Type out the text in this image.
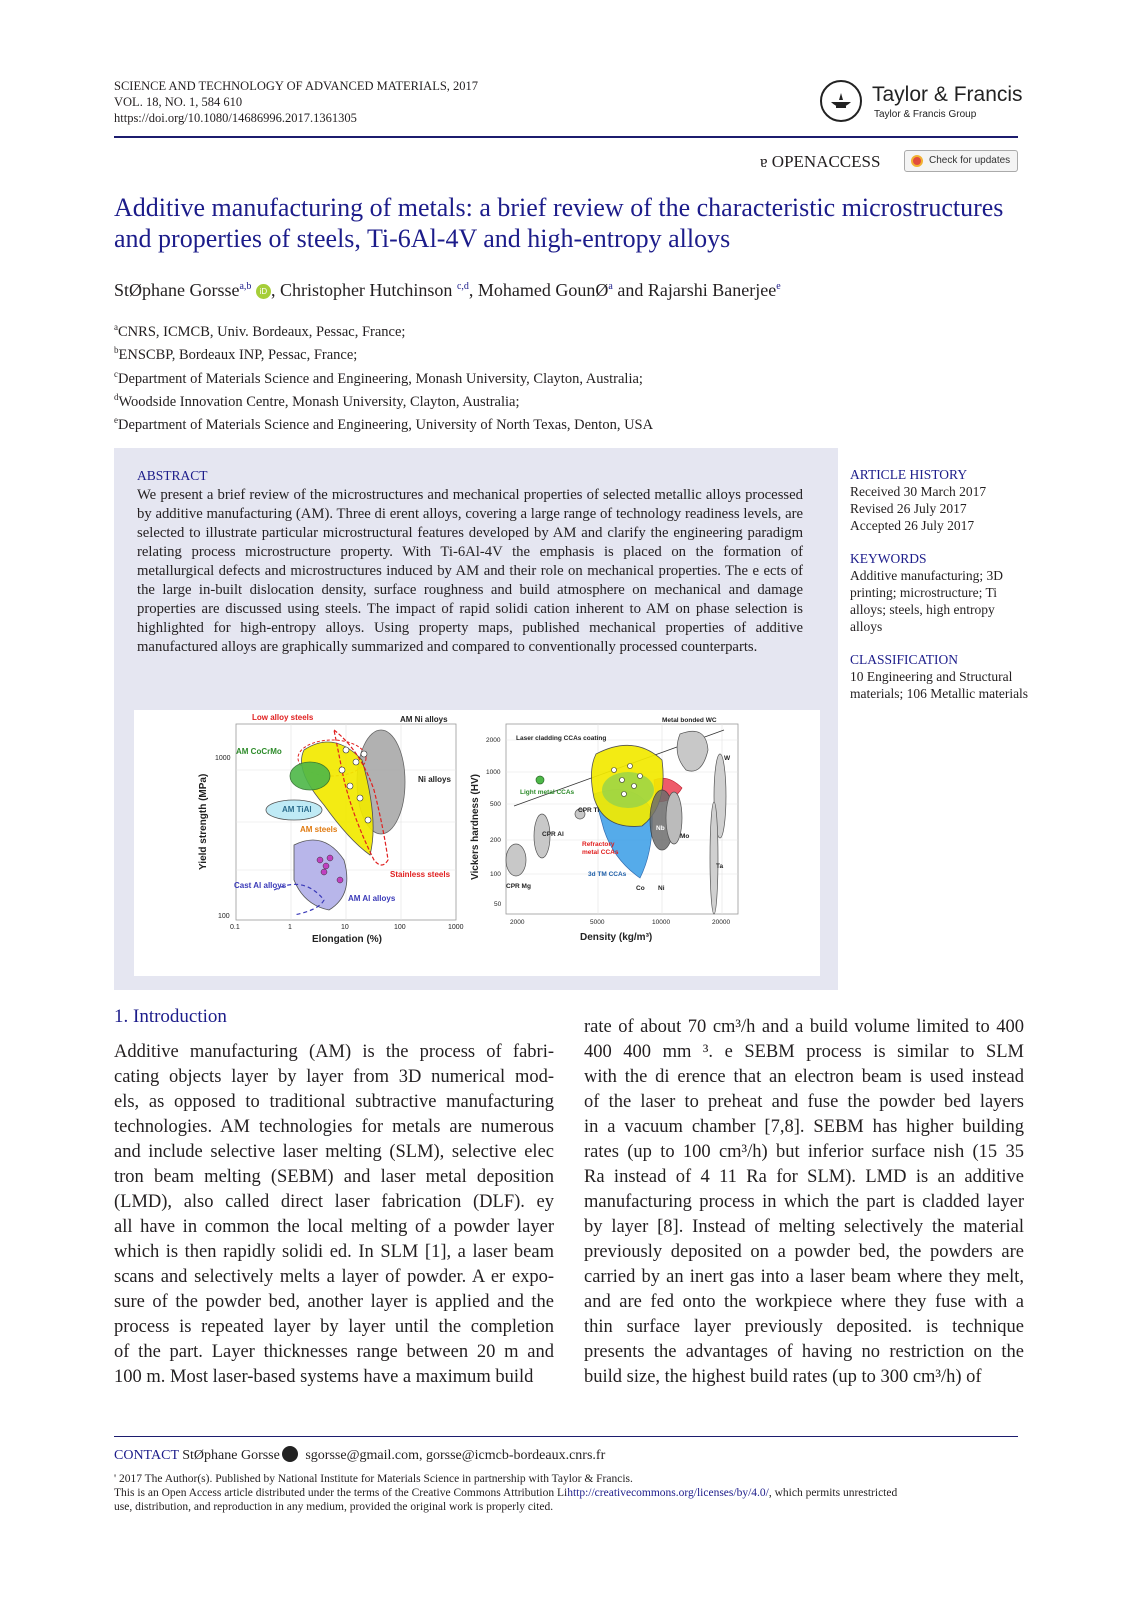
SCIENCE AND TECHNOLOGY OF ADVANCED MATERIALS, 2017
VOL. 18, NO. 1, 584 610
https://doi.org/10.1080/14686996.2017.1361305
Taylor & Francis
Taylor & Francis Group
ɐ OPENACCESS	Check for updates
Additive manufacturing of metals: a brief review of the characteristic microstructures and properties of steels, Ti-6Al-4V and high-entropy alloys
StØphane Gorsse$^{a,b}$ iD , Christopher Hutchinson $^{c,d}$, Mohamed GounØ$^a$ and Rajarshi Banerjee$^e$
$^a$CNRS, ICMCB, Univ. Bordeaux, Pessac, France;
$^b$ENSCBP, Bordeaux INP, Pessac, France;
$^c$Department of Materials Science and Engineering, Monash University, Clayton, Australia;
$^d$Woodside Innovation Centre, Monash University, Clayton, Australia;
$^e$Department of Materials Science and Engineering, University of North Texas, Denton, USA
ABSTRACT
We present a brief review of the microstructures and mechanical properties of selected metallic alloys processed by additive manufacturing (AM). Three di erent alloys, covering a large range of technology readiness levels, are selected to illustrate particular microstructural features developed by AM and clarify the engineering paradigm relating process microstructure property. With Ti-6Al-4V the emphasis is placed on the formation of metallurgical defects and microstructures induced by AM and their role on mechanical properties. The e ects of the large in-built dislocation density, surface roughness and build atmosphere on mechanical and damage properties are discussed using steels. The impact of rapid solidi cation inherent to AM on phase selection is highlighted for high-entropy alloys. Using property maps, published mechanical properties of additive manufactured alloys are graphically summarized and compared to conventionally processed counterparts.
ARTICLE HISTORY
Received 30 March 2017
Revised 26 July 2017
Accepted 26 July 2017
KEYWORDS
Additive manufacturing; 3D printing; microstructure; Ti alloys; steels, high entropy alloys
CLASSIFICATION
10 Engineering and Structural materials; 106 Metallic materials
Low alloy steels	AM Ni alloys
AM CoCrMo
Ni alloys
AM TiAl
AM steels
Stainless steels
Cast Al alloys
AM Al alloys
1000
100
0.1	1	10	100	1000
Elongation (%)
Yield strength (MPa)
Metal bonded WC
Laser cladding CCAs coating
Light metal CCAs
W
CPR Ti
CPR Al
Nb
Mo
Refractory
metal CCAs
3d TM CCAs
Ta
CPR Mg	Co Ni
2000
1000
500
200
100
50
2000	5000	10000	20000
Density (kg/m³)
Vickers hardness (HV)
1. Introduction
Additive manufacturing (AM) is the process of fabri-
cating objects layer by layer from 3D numerical mod-
els, as opposed to traditional subtractive manufacturing
technologies. AM technologies for metals are numerous
and include selective laser melting (SLM), selective elec
tron beam melting (SEBM) and laser metal deposition
(LMD), also called direct laser fabrication (DLF). ey
all have in common the local melting of a powder layer
which is then rapidly solidi ed. In SLM [1], a laser beam
scans and selectively melts a layer of powder. A er expo-
sure of the powder bed, another layer is applied and the
process is repeated layer by layer until the completion
of the part. Layer thicknesses range between 20 m and
100 m. Most laser-based systems have a maximum build
rate of about 70 cm³/h and a build volume limited to 400
400 400 mm ³. e SEBM process is similar to SLM
with the di erence that an electron beam is used instead
of the laser to preheat and fuse the powder bed layers
in a vacuum chamber [7,8]. SEBM has higher building
rates (up to 100 cm³/h) but inferior surface nish (15 35
Ra instead of 4 11 Ra for SLM). LMD is an additive
manufacturing process in which the part is cladded layer
by layer [8]. Instead of melting selectively the material
previously deposited on a powder bed, the powders are
carried by an inert gas into a laser beam where they melt,
and are fed onto the workpiece where they fuse with a
thin surface layer previously deposited. is technique
presents the advantages of having no restriction on the
build size, the highest build rates (up to 300 cm³/h) of
CONTACT StØphane Gorsse sgorsse@gmail.com, gorsse@icmcb-bordeaux.cnrs.fr
' 2017 The Author(s). Published by National Institute for Materials Science in partnership with Taylor & Francis.
This is an Open Access article distributed under the terms of the Creative Commons Attribution Lihttp://creativecommons.org/licenses/by/4.0/, which permits unrestricted
use, distribution, and reproduction in any medium, provided the original work is properly cited.
